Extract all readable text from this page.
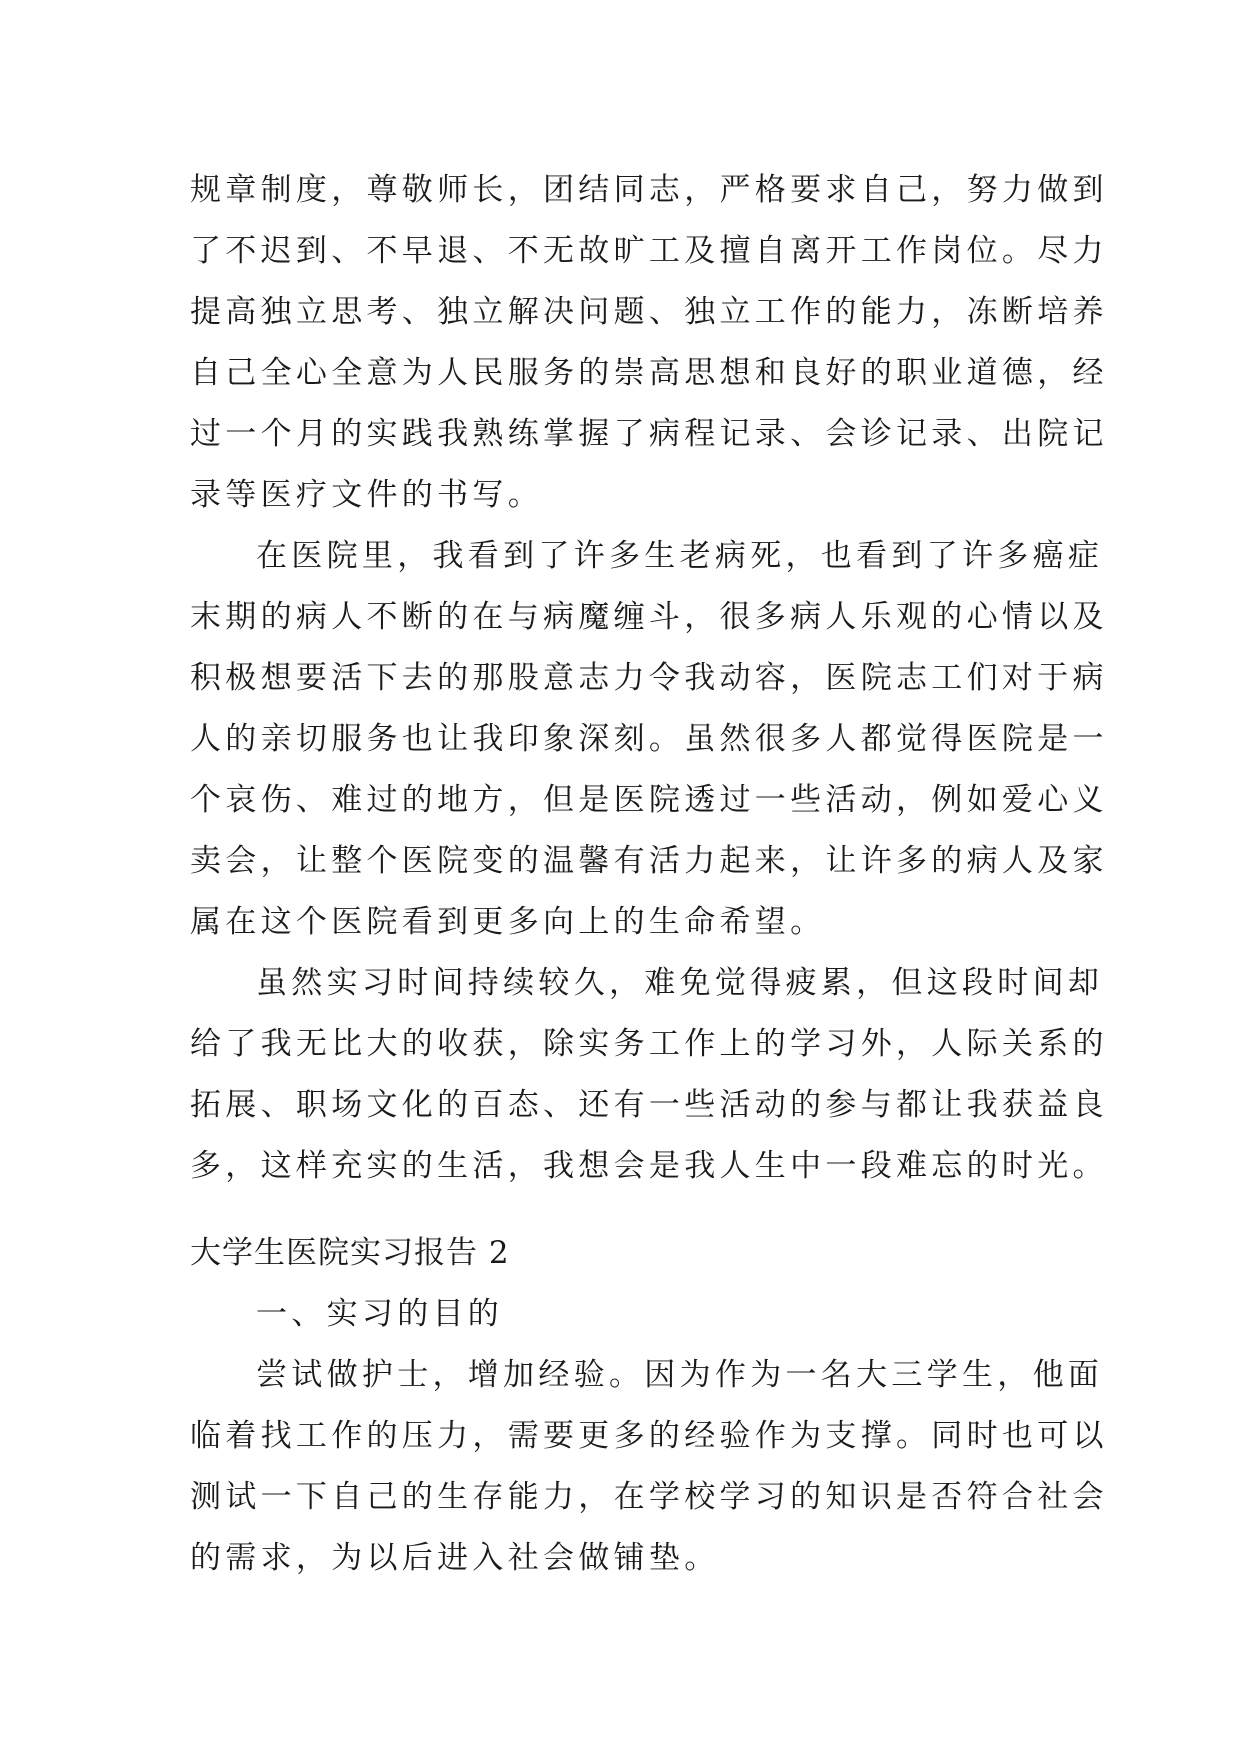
规章制度，尊敬师长，团结同志，严格要求自己，努力做到
了不迟到、不早退、不无故旷工及擅自离开工作岗位。尽力
提高独立思考、独立解决问题、独立工作的能力，冻断培养
自己全心全意为人民服务的崇高思想和良好的职业道德，经
过一个月的实践我熟练掌握了病程记录、会诊记录、出院记
录等医疗文件的书写。
在医院里，我看到了许多生老病死，也看到了许多癌症
末期的病人不断的在与病魔缠斗，很多病人乐观的心情以及
积极想要活下去的那股意志力令我动容，医院志工们对于病
人的亲切服务也让我印象深刻。虽然很多人都觉得医院是一
个哀伤、难过的地方，但是医院透过一些活动，例如爱心义
卖会，让整个医院变的温馨有活力起来，让许多的病人及家
属在这个医院看到更多向上的生命希望。
虽然实习时间持续较久，难免觉得疲累，但这段时间却
给了我无比大的收获，除实务工作上的学习外，人际关系的
拓展、职场文化的百态、还有一些活动的参与都让我获益良
多，这样充实的生活，我想会是我人生中一段难忘的时光。
大学生医院实习报告 2
一、实习的目的
尝试做护士，增加经验。因为作为一名大三学生，他面
临着找工作的压力，需要更多的经验作为支撑。同时也可以
测试一下自己的生存能力，在学校学习的知识是否符合社会
的需求，为以后进入社会做铺垫。
